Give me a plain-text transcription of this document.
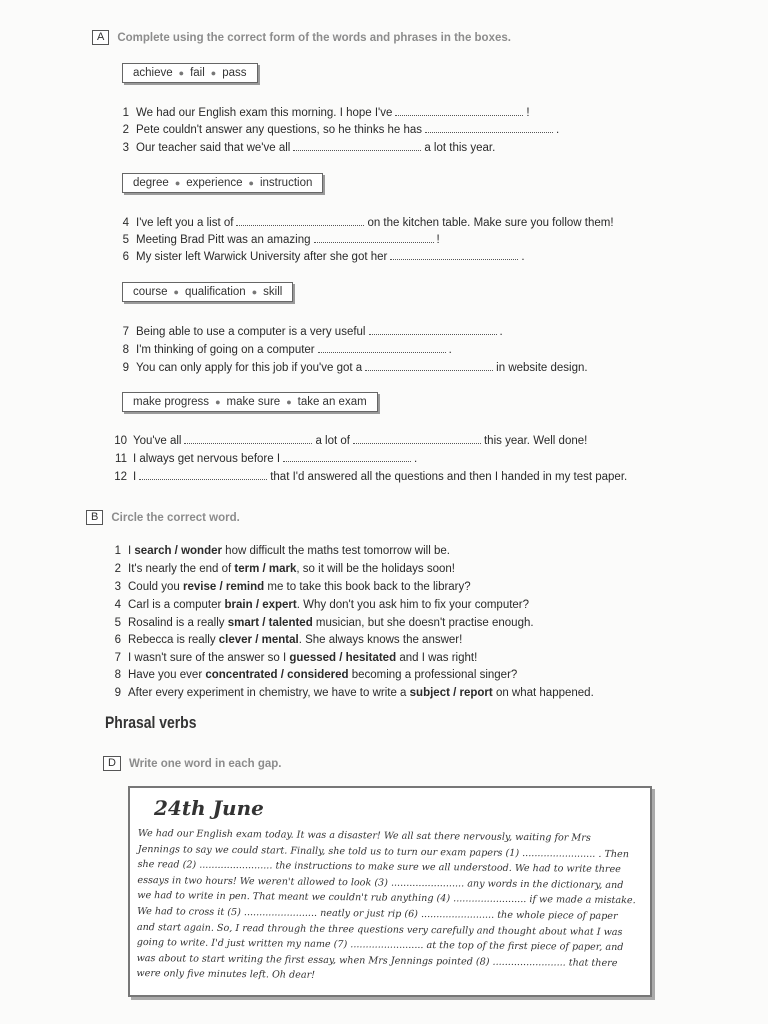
A	Complete using the correct form of the words and phrases in the boxes.
achieve ● fail ● pass
1 We had our English exam this morning. I hope I've	!
2 Pete couldn't answer any questions, so he thinks he has	.
3 Our teacher said that we've all	a lot this year.
degree ● experience ● instruction
4 I've left you a list of	on the kitchen table. Make sure you follow them!
5 Meeting Brad Pitt was an amazing	!
6 My sister left Warwick University after she got her	.
course ● qualification ● skill
7 Being able to use a computer is a very useful	.
8 I'm thinking of going on a computer	.
9 You can only apply for this job if you've got a	in website design.
make progress ● make sure ● take an exam
10 You've all	a lot of	this year. Well done!
11 I always get nervous before I	.
12 I	that I'd answered all the questions and then I handed in my test paper.
B	Circle the correct word.
1 I search / wonder how difficult the maths test tomorrow will be.
2 It's nearly the end of term / mark, so it will be the holidays soon!
3 Could you revise / remind me to take this book back to the library?
4 Carl is a computer brain / expert. Why don't you ask him to fix your computer?
5 Rosalind is a really smart / talented musician, but she doesn't practise enough.
6 Rebecca is really clever / mental. She always knows the answer!
7 I wasn't sure of the answer so I guessed / hesitated and I was right!
8 Have you ever concentrated / considered becoming a professional singer?
9 After every experiment in chemistry, we have to write a subject / report on what happened.
Phrasal verbs
D	Write one word in each gap.
24th June
We had our English exam today. It was a disaster! We all sat there nervously, waiting for Mrs
Jennings to say we could start. Finally, she told us to turn our exam papers (1) ........................ . Then
she read (2) ........................ the instructions to make sure we all understood. We had to write three
essays in two hours! We weren't allowed to look (3) ........................ any words in the dictionary, and
we had to write in pen. That meant we couldn't rub anything (4) ........................ if we made a mistake.
We had to cross it (5) ........................ neatly or just rip (6) ........................ the whole piece of paper
and start again. So, I read through the three questions very carefully and thought about what I was
going to write. I'd just written my name (7) ........................ at the top of the first piece of paper, and
was about to start writing the first essay, when Mrs Jennings pointed (8) ........................ that there
were only five minutes left. Oh dear!
